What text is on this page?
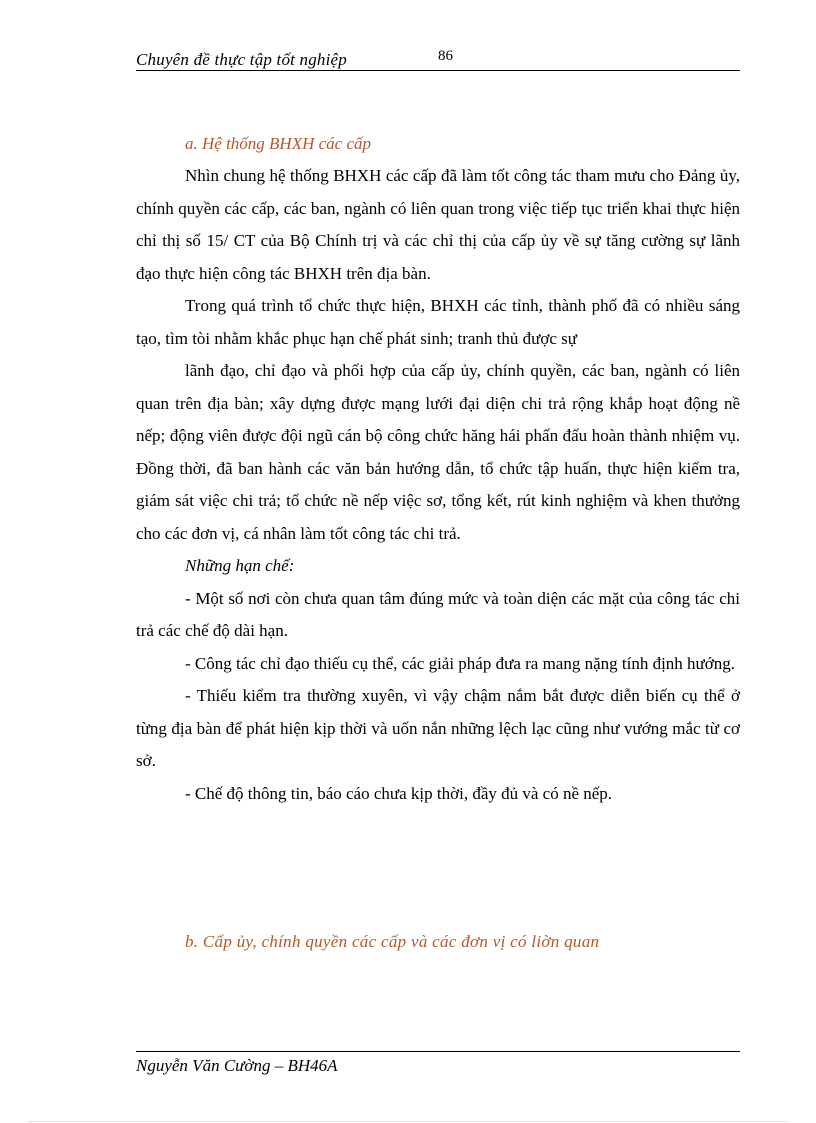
Chuyên đề thực tập tốt nghiệp	86
a. Hệ thống BHXH các cấp

Nhìn chung hệ thống BHXH các cấp đã làm tốt công tác tham mưu cho Đảng ủy, chính quyền các cấp, các ban, ngành có liên quan trong việc tiếp tục triển khai thực hiện chỉ thị số 15/ CT của Bộ Chính trị và các chỉ thị của cấp ủy về sự tăng cường sự lãnh đạo thực hiện công tác BHXH trên địa bàn.

Trong quá trình tổ chức thực hiện, BHXH các tỉnh, thành phố đã có nhiều sáng tạo, tìm tòi nhằm khắc phục hạn chế phát sinh; tranh thủ được sự

lãnh đạo, chỉ đạo và phối hợp của cấp ủy, chính quyền, các ban, ngành có liên quan trên địa bàn; xây dựng được mạng lưới đại diện chi trả rộng khắp hoạt động nề nếp; động viên được đội ngũ cán bộ công chức hăng hái phấn đấu hoàn thành nhiệm vụ. Đồng thời, đã ban hành các văn bản hướng dẫn, tổ chức tập huấn, thực hiện kiểm tra, giám sát việc chi trả; tổ chức nề nếp việc sơ, tổng kết, rút kinh nghiệm và khen thưởng cho các đơn vị, cá nhân làm tốt công tác chi trả.

Những hạn chế:

- Một số nơi còn chưa quan tâm đúng mức và toàn diện các mặt của công tác chi trả các chế độ dài hạn.

- Công tác chỉ đạo thiếu cụ thể, các giải pháp đưa ra mang nặng tính định hướng.

- Thiếu kiểm tra thường xuyên, vì vậy chậm nắm bắt được diễn biến cụ thể ở từng địa bàn để phát hiện kịp thời và uốn nắn những lệch lạc cũng như vướng mắc từ cơ sở.

- Chế độ thông tin, báo cáo chưa kịp thời, đầy đủ và có nề nếp.

b. Cấp ủy, chính quyền các cấp và các đơn vị có liờn quan
Nguyễn Văn Cường – BH46A
